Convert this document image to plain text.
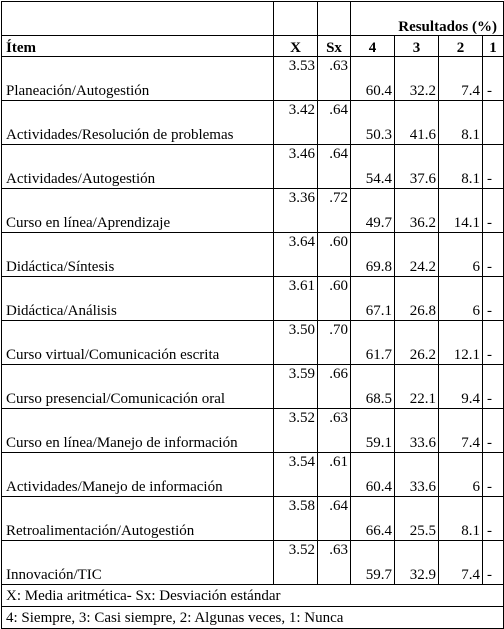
			Resultados (%)			
Ítem	X	Sx	4	3	2	1
Planeación/Autogestión	3.53	.63	60.4	32.2	7.4	-
Actividades/Resolución de problemas	3.42	.64	50.3	41.6	8.1	
Actividades/Autogestión	3.46	.64	54.4	37.6	8.1	-
Curso en línea/Aprendizaje	3.36	.72	49.7	36.2	14.1	-
Didáctica/Síntesis	3.64	.60	69.8	24.2	6	-
Didáctica/Análisis	3.61	.60	67.1	26.8	6	-
Curso virtual/Comunicación escrita	3.50	.70	61.7	26.2	12.1	-
Curso presencial/Comunicación oral	3.59	.66	68.5	22.1	9.4	-
Curso en línea/Manejo de información	3.52	.63	59.1	33.6	7.4	-
Actividades/Manejo de información	3.54	.61	60.4	33.6	6	-
Retroalimentación/Autogestión	3.58	.64	66.4	25.5	8.1	-
Innovación/TIC	3.52	.63	59.7	32.9	7.4	-
X: Media aritmética- Sx: Desviación estándar						
4: Siempre, 3: Casi siempre, 2: Algunas veces, 1: Nunca						
